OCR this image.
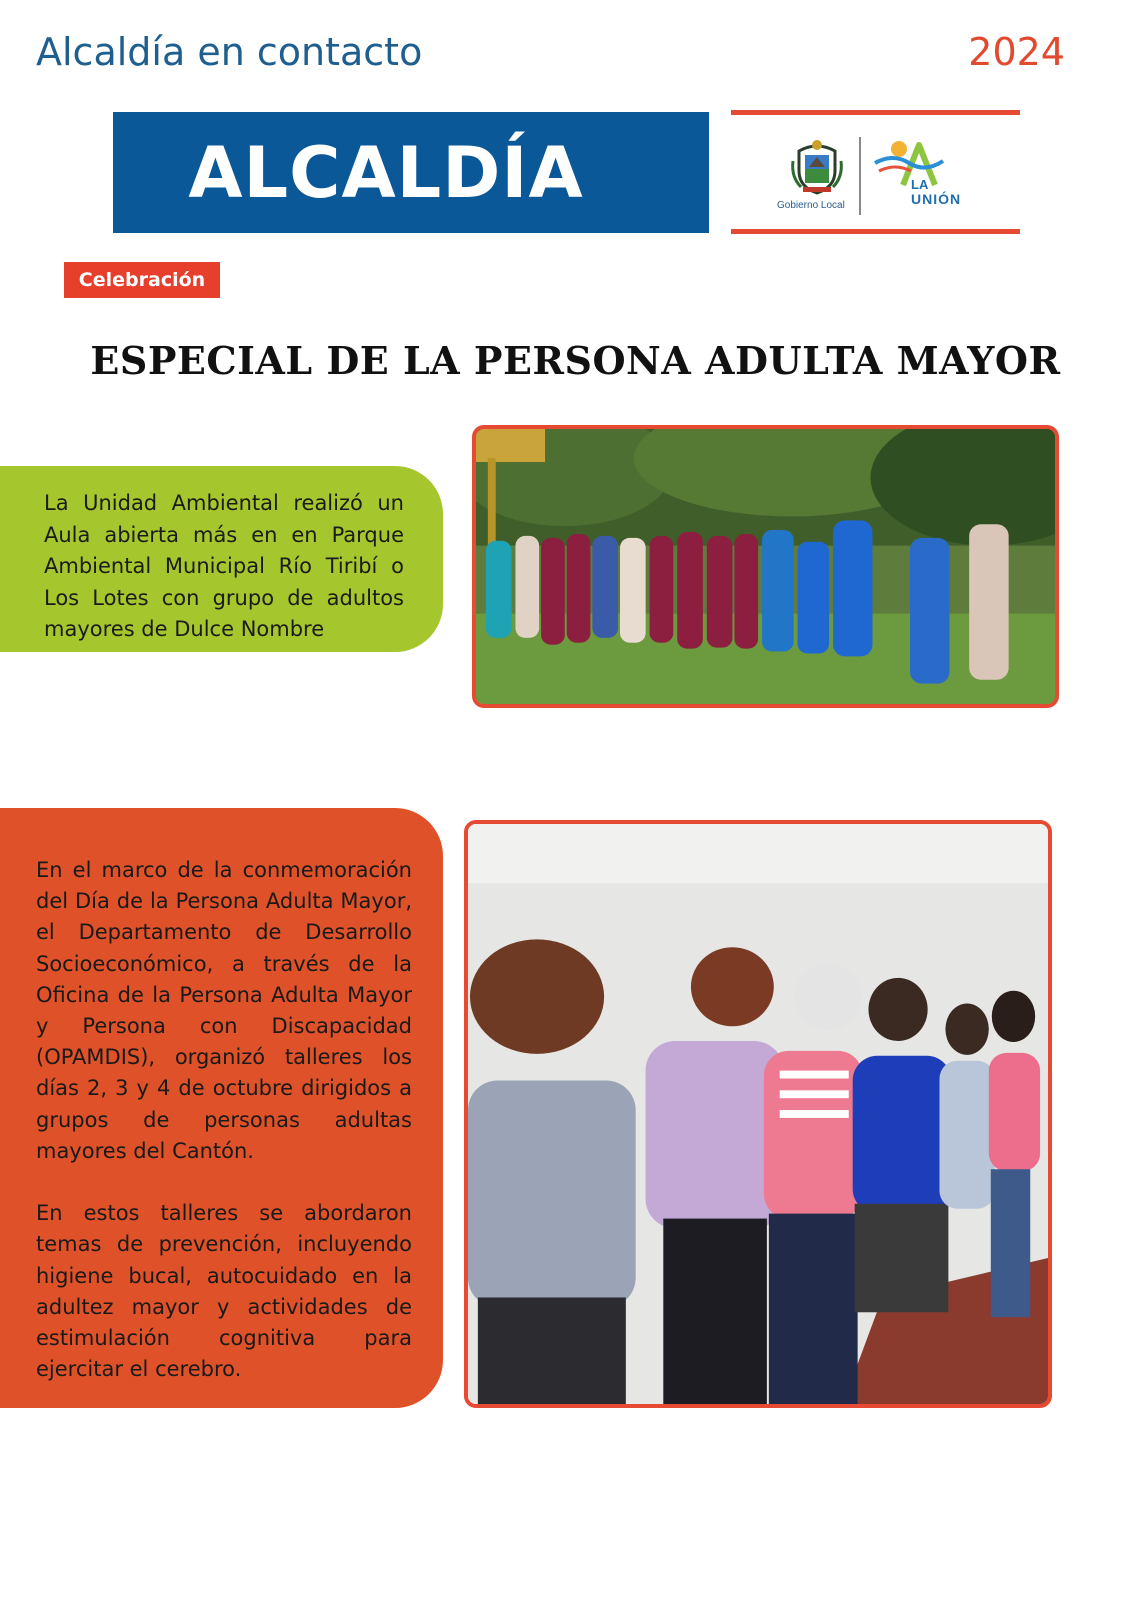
Alcaldía en contacto	2024
ALCALDÍA	Gobierno Local
LA
UNIÓN
Celebración
ESPECIAL DE LA PERSONA ADULTA MAYOR

La Unidad Ambiental realizó un Aula abierta más en en Parque Ambiental Municipal Río Tiribí o Los Lotes con grupo de adultos mayores de Dulce Nombre

En el marco de la conmemoración del Día de la Persona Adulta Mayor, el Departamento de Desarrollo Socioeconómico, a través de la Oficina de la Persona Adulta Mayor y Persona con Discapacidad (OPAMDIS), organizó talleres los días 2, 3 y 4 de octubre dirigidos a grupos de personas adultas mayores del Cantón.

En estos talleres se abordaron temas de prevención, incluyendo higiene bucal, autocuidado en la adultez mayor y actividades de estimulación cognitiva para ejercitar el cerebro.
